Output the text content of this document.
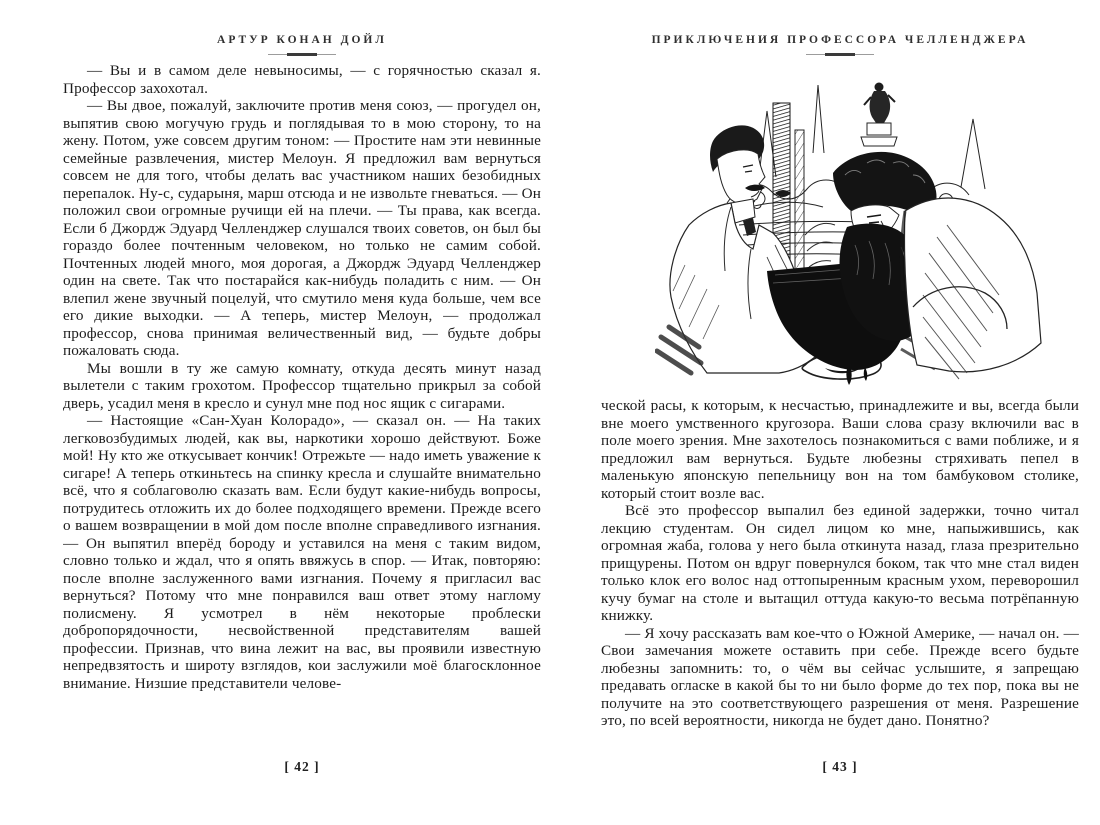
АРТУР КОНАН ДОЙЛ

— Вы и в самом деле невыносимы, — с горячностью сказал я. Профессор захохотал.

— Вы двое, пожалуй, заключите против меня союз, — прогудел он, выпятив свою могучую грудь и поглядывая то в мою сторону, то на жену. Потом, уже совсем другим тоном: — Простите нам эти невинные семейные развлечения, мистер Мелоун. Я предложил вам вернуться совсем не для того, чтобы делать вас участником наших безобидных перепалок. Ну-с, сударыня, марш отсюда и не извольте гневаться. — Он положил свои огромные ручищи ей на плечи. — Ты права, как всегда. Если б Джордж Эдуард Челленджер слушался твоих советов, он был бы гораздо более почтенным человеком, но только не самим собой. Почтенных людей много, моя дорогая, а Джордж Эдуард Челленджер один на свете. Так что постарайся как-нибудь поладить с ним. — Он влепил жене звучный поцелуй, что смутило меня куда больше, чем все его дикие выходки. — А теперь, мистер Мелоун, — продолжал профессор, снова принимая величественный вид, — будьте добры пожаловать сюда.

Мы вошли в ту же самую комнату, откуда десять минут назад вылетели с таким грохотом. Профессор тщательно прикрыл за собой дверь, усадил меня в кресло и сунул мне под нос ящик с сигарами.

— Настоящие «Сан-Хуан Колорадо», — сказал он. — На таких легковозбудимых людей, как вы, наркотики хорошо действуют. Боже мой! Ну кто же откусывает кончик! Отрежьте — надо иметь уважение к сигаре! А теперь откиньтесь на спинку кресла и слушайте внимательно всё, что я соблаговолю сказать вам. Если будут какие-нибудь вопросы, потрудитесь отложить их до более подходящего времени. Прежде всего о вашем возвращении в мой дом после вполне справедливого изгнания. — Он выпятил вперёд бороду и уставился на меня с таким видом, словно только и ждал, что я опять ввяжусь в спор. — Итак, повторяю: после вполне заслуженного вами изгнания. Почему я пригласил вас вернуться? Потому что мне понравился ваш ответ этому наглому полисмену. Я усмотрел в нём некоторые проблески добропорядочности, несвойственной представителям вашей профессии. Признав, что вина лежит на вас, вы проявили известную непредвзятость и широту взглядов, кои заслужили моё благосклонное внимание. Низшие представители челове-

[ 42 ]
ПРИКЛЮЧЕНИЯ ПРОФЕССОРА ЧЕЛЛЕНДЖЕРА

ческой расы, к которым, к несчастью, принадлежите и вы, всегда были вне моего умственного кругозора. Ваши слова сразу включили вас в поле моего зрения. Мне захотелось познакомиться с вами поближе, и я предложил вам вернуться. Будьте любезны стряхивать пепел в маленькую японскую пепельницу вон на том бамбуковом столике, который стоит возле вас.

Всё это профессор выпалил без единой задержки, точно читал лекцию студентам. Он сидел лицом ко мне, напыжившись, как огромная жаба, голова у него была откинута назад, глаза презрительно прищурены. Потом он вдруг повернулся боком, так что мне стал виден только клок его волос над оттопыренным красным ухом, переворошил кучу бумаг на столе и вытащил оттуда какую-то весьма потрёпанную книжку.

— Я хочу рассказать вам кое-что о Южной Америке, — начал он. — Свои замечания можете оставить при себе. Прежде всего будьте любезны запомнить: то, о чём вы сейчас услышите, я запрещаю предавать огласке в какой бы то ни было форме до тех пор, пока вы не получите на это соответствующего разрешения от меня. Разрешение это, по всей вероятности, никогда не будет дано. Понятно?

[ 43 ]
